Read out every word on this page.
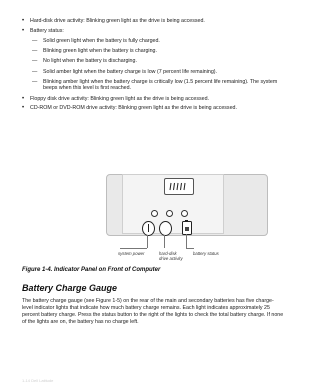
• Hard-disk drive activity: Blinking green light as the drive is being accessed.
• Battery status:
— Solid green light when the battery is fully charged.
— Blinking green light when the battery is charging.
— No light when the battery is discharging.
— Solid amber light when the battery charge is low (7 percent life remaining).
— Blinking amber light when the battery charge is critically low (1.5 percent life remaining). The system beeps when this level is first reached.
• Floppy disk drive activity: Blinking green light as the drive is being accessed.
• CD-ROM or DVD-ROM drive activity: Blinking green light as the drive is being accessed.
system power	hard-disk drive activity
battery status
Figure 1-4. Indicator Panel on Front of Computer
Battery Charge Gauge
The battery charge gauge (see Figure 1-5) on the rear of the main and secondary batteries has five charge-level indicator lights that indicate how much battery charge remains. Each light indicates approximately 25 percent battery charge. Press the status button to the right of the lights to check the total battery charge. If none of the lights are on, the battery has no charge left.
1-14 Dell Latitude
